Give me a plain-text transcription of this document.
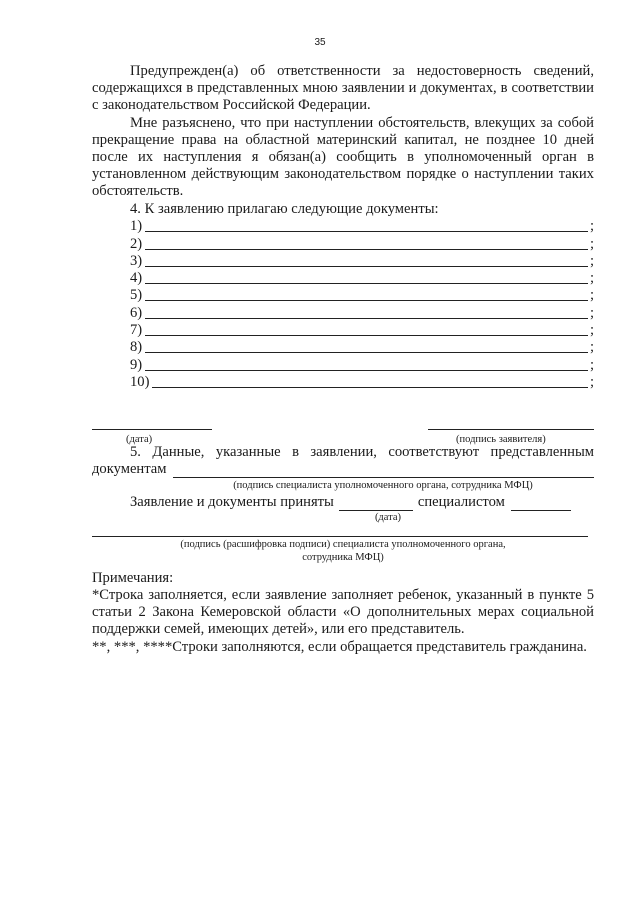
35

Предупрежден(а) об ответственности за недостоверность сведений, содержащихся в представленных мною заявлении и документах, в соответствии с законодательством Российской Федерации.

Мне разъяснено, что при наступлении обстоятельств, влекущих за собой прекращение права на областной материнский капитал, не позднее 10 дней после их наступления я обязан(а) сообщить в уполномоченный орган в установленном действующим законодательством порядке о наступлении таких обстоятельств.

4. К заявлению прилагаю следующие документы:

1)	;
2)	;
3)	;
4)	;
5)	;
6)	;
7)	;
8)	;
9)	;
10)	;
(дата)	(подпись заявителя)

5. Данные, указанные в заявлении, соответствуют представленным

документам
(подпись специалиста уполномоченного органа, сотрудника МФЦ)
Заявление и документы приняты	специалистом
(дата)
(подпись (расшифровка подписи) специалиста уполномоченного органа,
сотрудника МФЦ)

Примечания:

*Строка заполняется, если заявление заполняет ребенок, указанный в пункте 5 статьи 2 Закона Кемеровской области «О дополнительных мерах социальной поддержки семей, имеющих детей», или его представитель.

**, ***, ****Строки заполняются, если обращается представитель гражданина.
